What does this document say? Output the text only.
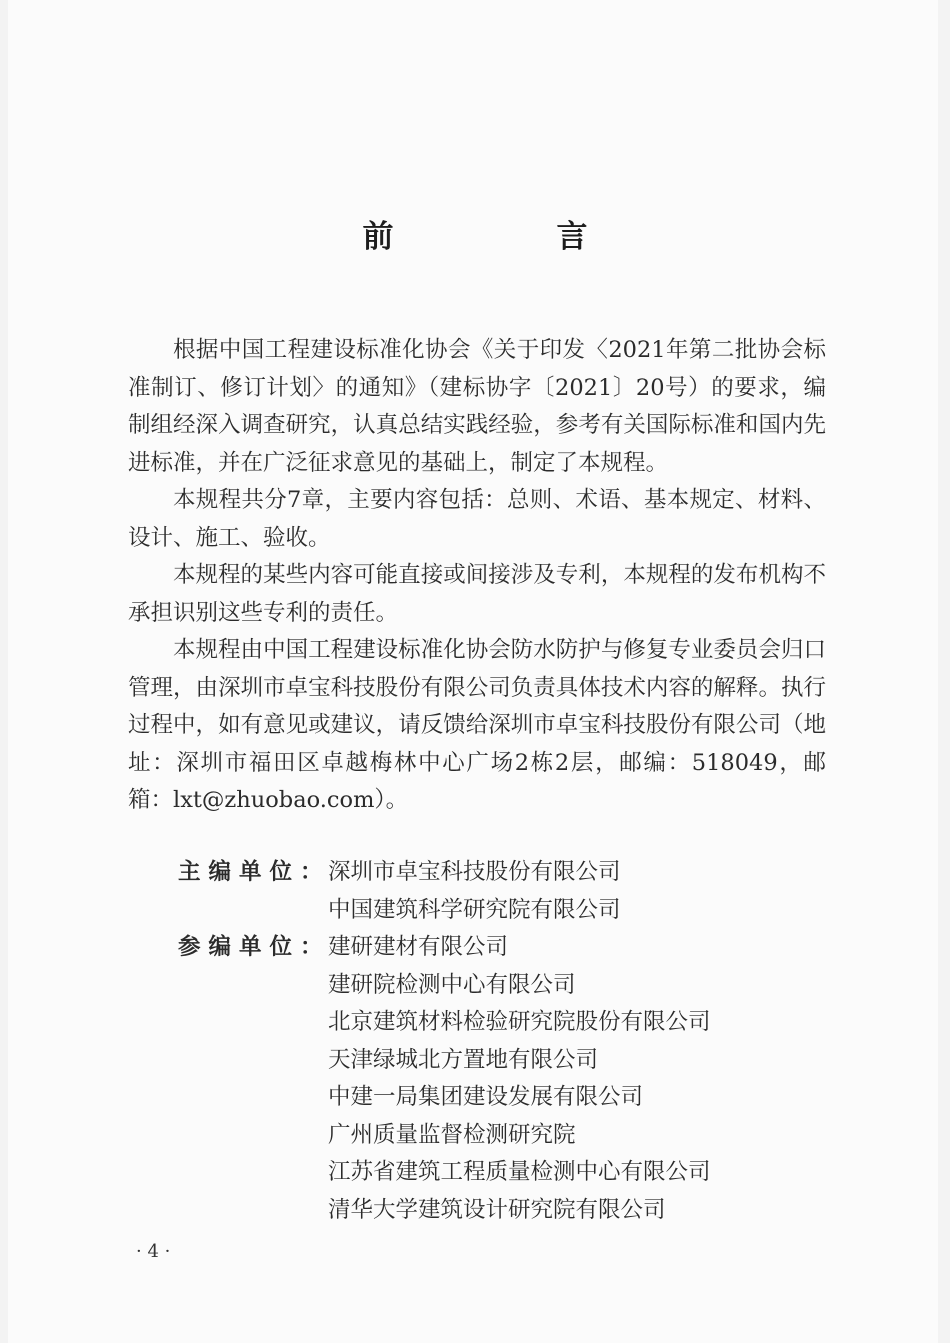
前　言

根据中国工程建设标准化协会《关于印发〈2021年第二批协会标准制订、修订计划〉的通知》（建标协字〔2021〕20号）的要求，编制组经深入调查研究，认真总结实践经验，参考有关国际标准和国内先进标准，并在广泛征求意见的基础上，制定了本规程。

本规程共分7章，主要内容包括：总则、术语、基本规定、材料、设计、施工、验收。

本规程的某些内容可能直接或间接涉及专利，本规程的发布机构不承担识别这些专利的责任。

本规程由中国工程建设标准化协会防水防护与修复专业委员会归口管理，由深圳市卓宝科技股份有限公司负责具体技术内容的解释。执行过程中，如有意见或建议，请反馈给深圳市卓宝科技股份有限公司（地址：深圳市福田区卓越梅林中心广场2栋2层，邮编：518049，邮箱：lxt@zhuobao.com）。

主编单位：
深圳市卓宝科技股份有限公司
中国建筑科学研究院有限公司
参编单位：
建研建材有限公司
建研院检测中心有限公司
北京建筑材料检验研究院股份有限公司
天津绿城北方置地有限公司
中建一局集团建设发展有限公司
广州质量监督检测研究院
江苏省建筑工程质量检测中心有限公司
清华大学建筑设计研究院有限公司
· 4 ·
